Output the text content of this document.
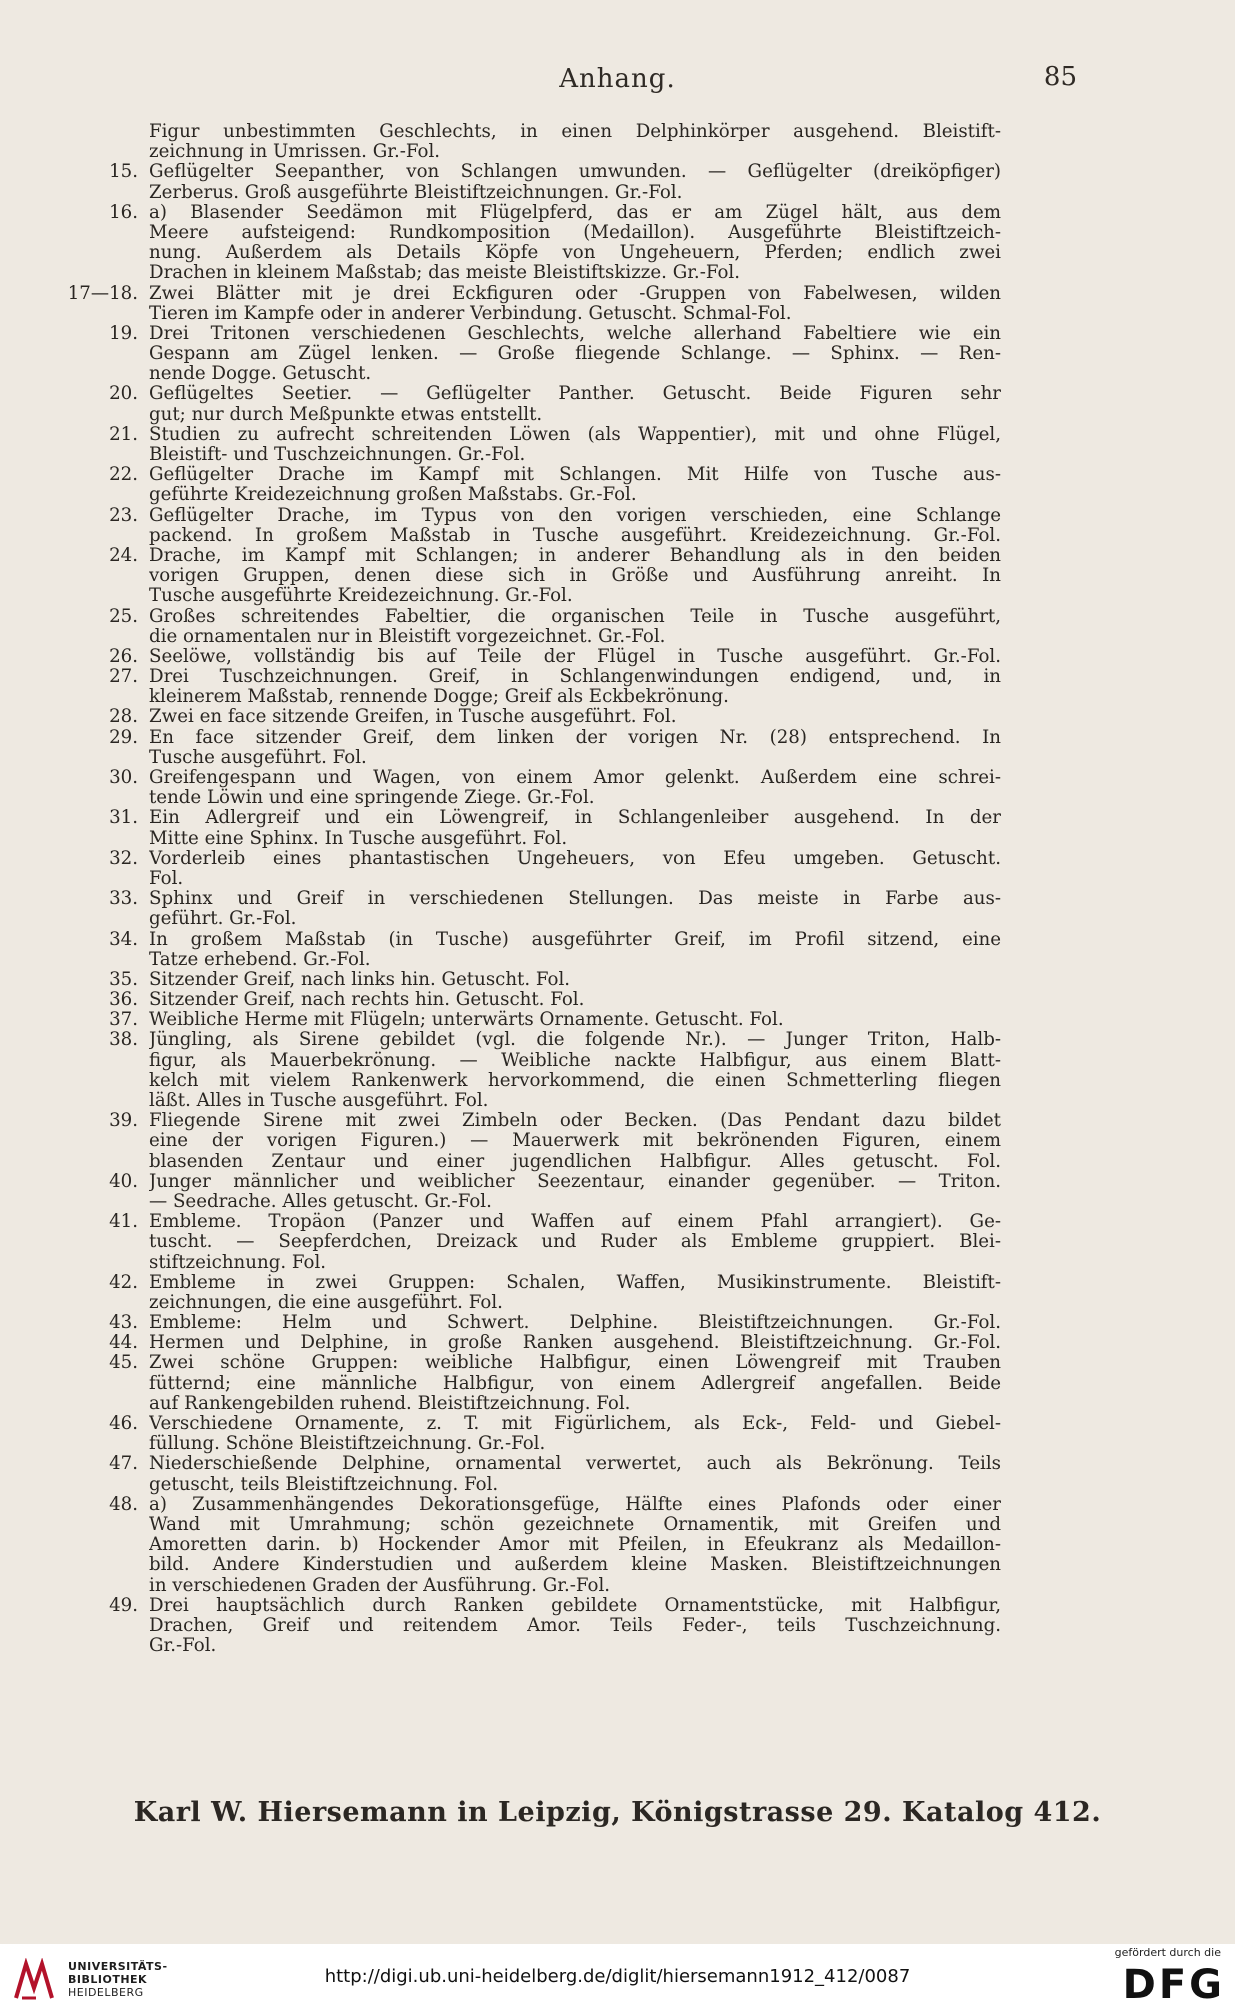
Anhang.	85
Figur unbestimmten Geschlechts, in einen Delphinkörper ausgehend. Bleistift-
zeichnung in Umrissen. Gr.-Fol.
15. Geflügelter Seepanther, von Schlangen umwunden. — Geflügelter (dreiköpfiger)
Zerberus. Groß ausgeführte Bleistiftzeichnungen. Gr.-Fol.
16. a) Blasender Seedämon mit Flügelpferd, das er am Zügel hält, aus dem
Meere aufsteigend: Rundkomposition (Medaillon). Ausgeführte Bleistiftzeich-
nung. Außerdem als Details Köpfe von Ungeheuern, Pferden; endlich zwei
Drachen in kleinem Maßstab; das meiste Bleistiftskizze. Gr.-Fol.
17—18. Zwei Blätter mit je drei Eckfiguren oder -Gruppen von Fabelwesen, wilden
Tieren im Kampfe oder in anderer Verbindung. Getuscht. Schmal-Fol.
19. Drei Tritonen verschiedenen Geschlechts, welche allerhand Fabeltiere wie ein
Gespann am Zügel lenken. — Große fliegende Schlange. — Sphinx. — Ren-
nende Dogge. Getuscht.
20. Geflügeltes Seetier. — Geflügelter Panther. Getuscht. Beide Figuren sehr
gut; nur durch Meßpunkte etwas entstellt.
21. Studien zu aufrecht schreitenden Löwen (als Wappentier), mit und ohne Flügel,
Bleistift- und Tuschzeichnungen. Gr.-Fol.
22. Geflügelter Drache im Kampf mit Schlangen. Mit Hilfe von Tusche aus-
geführte Kreidezeichnung großen Maßstabs. Gr.-Fol.
23. Geflügelter Drache, im Typus von den vorigen verschieden, eine Schlange
packend. In großem Maßstab in Tusche ausgeführt. Kreidezeichnung. Gr.-Fol.
24. Drache, im Kampf mit Schlangen; in anderer Behandlung als in den beiden
vorigen Gruppen, denen diese sich in Größe und Ausführung anreiht. In
Tusche ausgeführte Kreidezeichnung. Gr.-Fol.
25. Großes schreitendes Fabeltier, die organischen Teile in Tusche ausgeführt,
die ornamentalen nur in Bleistift vorgezeichnet. Gr.-Fol.
26. Seelöwe, vollständig bis auf Teile der Flügel in Tusche ausgeführt. Gr.-Fol.
27. Drei Tuschzeichnungen. Greif, in Schlangenwindungen endigend, und, in
kleinerem Maßstab, rennende Dogge; Greif als Eckbekrönung.
28. Zwei en face sitzende Greifen, in Tusche ausgeführt. Fol.
29. En face sitzender Greif, dem linken der vorigen Nr. (28) entsprechend. In
Tusche ausgeführt. Fol.
30. Greifengespann und Wagen, von einem Amor gelenkt. Außerdem eine schrei-
tende Löwin und eine springende Ziege. Gr.-Fol.
31. Ein Adlergreif und ein Löwengreif, in Schlangenleiber ausgehend. In der
Mitte eine Sphinx. In Tusche ausgeführt. Fol.
32. Vorderleib eines phantastischen Ungeheuers, von Efeu umgeben. Getuscht.
Fol.
33. Sphinx und Greif in verschiedenen Stellungen. Das meiste in Farbe aus-
geführt. Gr.-Fol.
34. In großem Maßstab (in Tusche) ausgeführter Greif, im Profil sitzend, eine
Tatze erhebend. Gr.-Fol.
35. Sitzender Greif, nach links hin. Getuscht. Fol.
36. Sitzender Greif, nach rechts hin. Getuscht. Fol.
37. Weibliche Herme mit Flügeln; unterwärts Ornamente. Getuscht. Fol.
38. Jüngling, als Sirene gebildet (vgl. die folgende Nr.). — Junger Triton, Halb-
figur, als Mauerbekrönung. — Weibliche nackte Halbfigur, aus einem Blatt-
kelch mit vielem Rankenwerk hervorkommend, die einen Schmetterling fliegen
läßt. Alles in Tusche ausgeführt. Fol.
39. Fliegende Sirene mit zwei Zimbeln oder Becken. (Das Pendant dazu bildet
eine der vorigen Figuren.) — Mauerwerk mit bekrönenden Figuren, einem
blasenden Zentaur und einer jugendlichen Halbfigur. Alles getuscht. Fol.
40. Junger männlicher und weiblicher Seezentaur, einander gegenüber. — Triton.
— Seedrache. Alles getuscht. Gr.-Fol.
41. Embleme. Tropäon (Panzer und Waffen auf einem Pfahl arrangiert). Ge-
tuscht. — Seepferdchen, Dreizack und Ruder als Embleme gruppiert. Blei-
stiftzeichnung. Fol.
42. Embleme in zwei Gruppen: Schalen, Waffen, Musikinstrumente. Bleistift-
zeichnungen, die eine ausgeführt. Fol.
43. Embleme: Helm und Schwert. Delphine. Bleistiftzeichnungen. Gr.-Fol.
44. Hermen und Delphine, in große Ranken ausgehend. Bleistiftzeichnung. Gr.-Fol.
45. Zwei schöne Gruppen: weibliche Halbfigur, einen Löwengreif mit Trauben
fütternd; eine männliche Halbfigur, von einem Adlergreif angefallen. Beide
auf Rankengebilden ruhend. Bleistiftzeichnung. Fol.
46. Verschiedene Ornamente, z. T. mit Figürlichem, als Eck-, Feld- und Giebel-
füllung. Schöne Bleistiftzeichnung. Gr.-Fol.
47. Niederschießende Delphine, ornamental verwertet, auch als Bekrönung. Teils
getuscht, teils Bleistiftzeichnung. Fol.
48. a) Zusammenhängendes Dekorationsgefüge, Hälfte eines Plafonds oder einer
Wand mit Umrahmung; schön gezeichnete Ornamentik, mit Greifen und
Amoretten darin. b) Hockender Amor mit Pfeilen, in Efeukranz als Medaillon-
bild. Andere Kinderstudien und außerdem kleine Masken. Bleistiftzeichnungen
in verschiedenen Graden der Ausführung. Gr.-Fol.
49. Drei hauptsächlich durch Ranken gebildete Ornamentstücke, mit Halbfigur,
Drachen, Greif und reitendem Amor. Teils Feder-, teils Tuschzeichnung.
Gr.-Fol.
Karl W. Hiersemann in Leipzig, Königstrasse 29. Katalog 412.
UNIVERSITÄTS-
BIBLIOTHEK
HEIDELBERG
http://digi.ub.uni-heidelberg.de/diglit/hiersemann1912_412/0087
gefördert durch die
DFG
